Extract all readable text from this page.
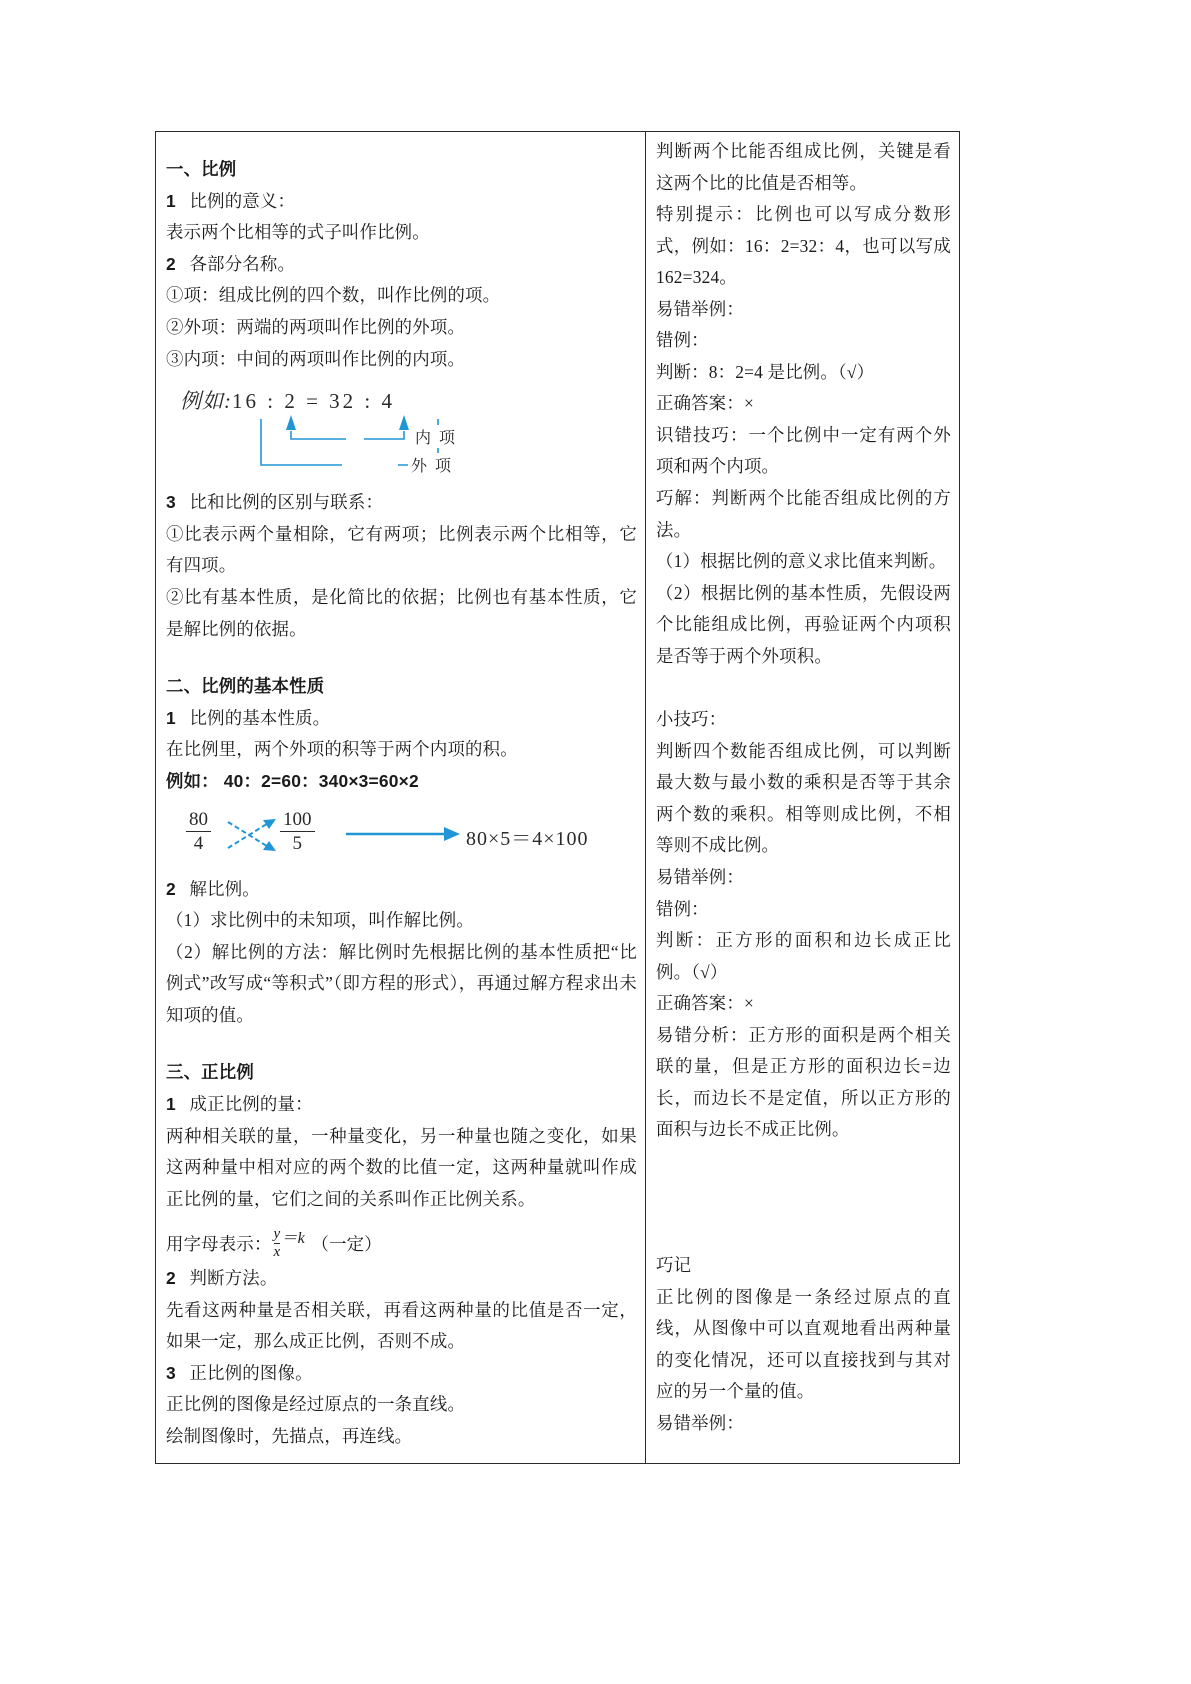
一、比例

1 比例的意义：

表示两个比相等的式子叫作比例。

2 各部分名称。

①项：组成比例的四个数，叫作比例的项。

②外项：两端的两项叫作比例的外项。

③内项：中间的两项叫作比例的内项。

例如:16 : 2 = 32 : 4
内 项
外 项

3 比和比例的区别与联系：

①比表示两个量相除，它有两项；比例表示两个比相等，它有四项。

②比有基本性质，是化简比的依据；比例也有基本性质，它是解比例的依据。

二、比例的基本性质

1 比例的基本性质。

在比例里，两个外项的积等于两个内项的积。

例如： 40：2=60：340×3=60×2

80
4
100
5	80×5＝4×100

2 解比例。

（1）求比例中的未知项，叫作解比例。

（2）解比例的方法：解比例时先根据比例的基本性质把“比例式”改写成“等积式”（即方程的形式），再通过解方程求出未知项的值。

三、正比例

1 成正比例的量：

两种相关联的量，一种量变化，另一种量也随之变化，如果这两种量中相对应的两个数的比值一定，这两种量就叫作成正比例的量，它们之间的关系叫作正比例关系。

用字母表示：
y
x
＝k （一定）

2 判断方法。

先看这两种量是否相关联，再看这两种量的比值是否一定，如果一定，那么成正比例，否则不成。

3 正比例的图像。

正比例的图像是经过原点的一条直线。

绘制图像时，先描点，再连线。

判断两个比能否组成比例，关键是看这两个比的比值是否相等。

特别提示：比例也可以写成分数形式，例如：16：2=32：4，也可以写成 162=324。

易错举例：

错例：

判断：8：2=4 是比例。（√）

正确答案：×

识错技巧：一个比例中一定有两个外项和两个内项。

巧解：判断两个比能否组成比例的方法。

（1）根据比例的意义求比值来判断。

（2）根据比例的基本性质，先假设两个比能组成比例，再验证两个内项积是否等于两个外项积。

小技巧：

判断四个数能否组成比例，可以判断最大数与最小数的乘积是否等于其余两个数的乘积。相等则成比例，不相等则不成比例。

易错举例：

错例：

判断：正方形的面积和边长成正比例。（√）

正确答案：×

易错分析：正方形的面积是两个相关联的量，但是正方形的面积边长=边长，而边长不是定值，所以正方形的面积与边长不成正比例。

巧记

正比例的图像是一条经过原点的直线，从图像中可以直观地看出两种量的变化情况，还可以直接找到与其对应的另一个量的值。

易错举例：
